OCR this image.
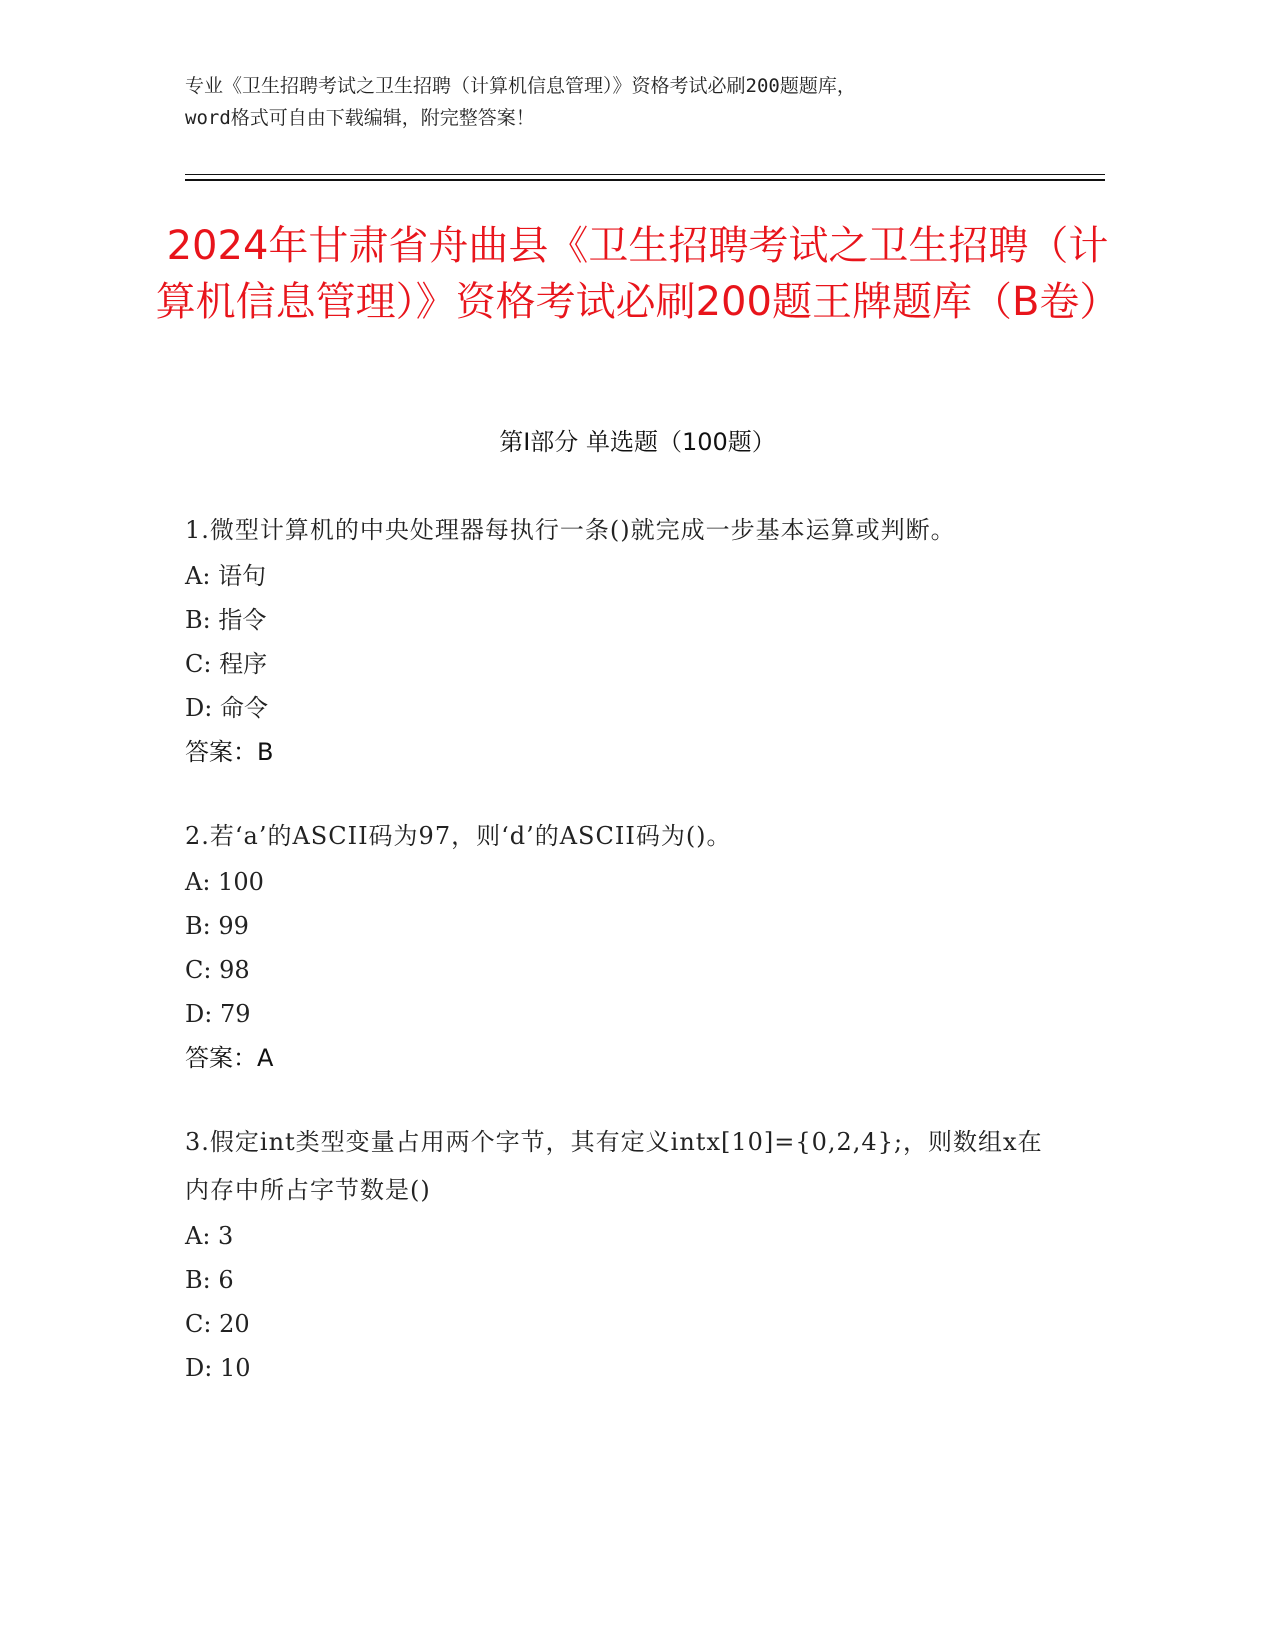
专业《卫生招聘考试之卫生招聘（计算机信息管理）》资格考试必刷200题题库，
word格式可自由下载编辑，附完整答案！
2024年甘肃省舟曲县《卫生招聘考试之卫生招聘（计算机信息管理）》资格考试必刷200题王牌题库（B卷）
第I部分 单选题（100题）
1.微型计算机的中央处理器每执行一条()就完成一步基本运算或判断。
A: 语句
B: 指令
C: 程序
D: 命令
答案：B
2.若‘a’的ASCII码为97，则‘d’的ASCII码为()。
A: 100
B: 99
C: 98
D: 79
答案：A
3.假定int类型变量占用两个字节，其有定义intx[10]={0,2,4};，则数组x在内存中所占字节数是()
A: 3
B: 6
C: 20
D: 10
